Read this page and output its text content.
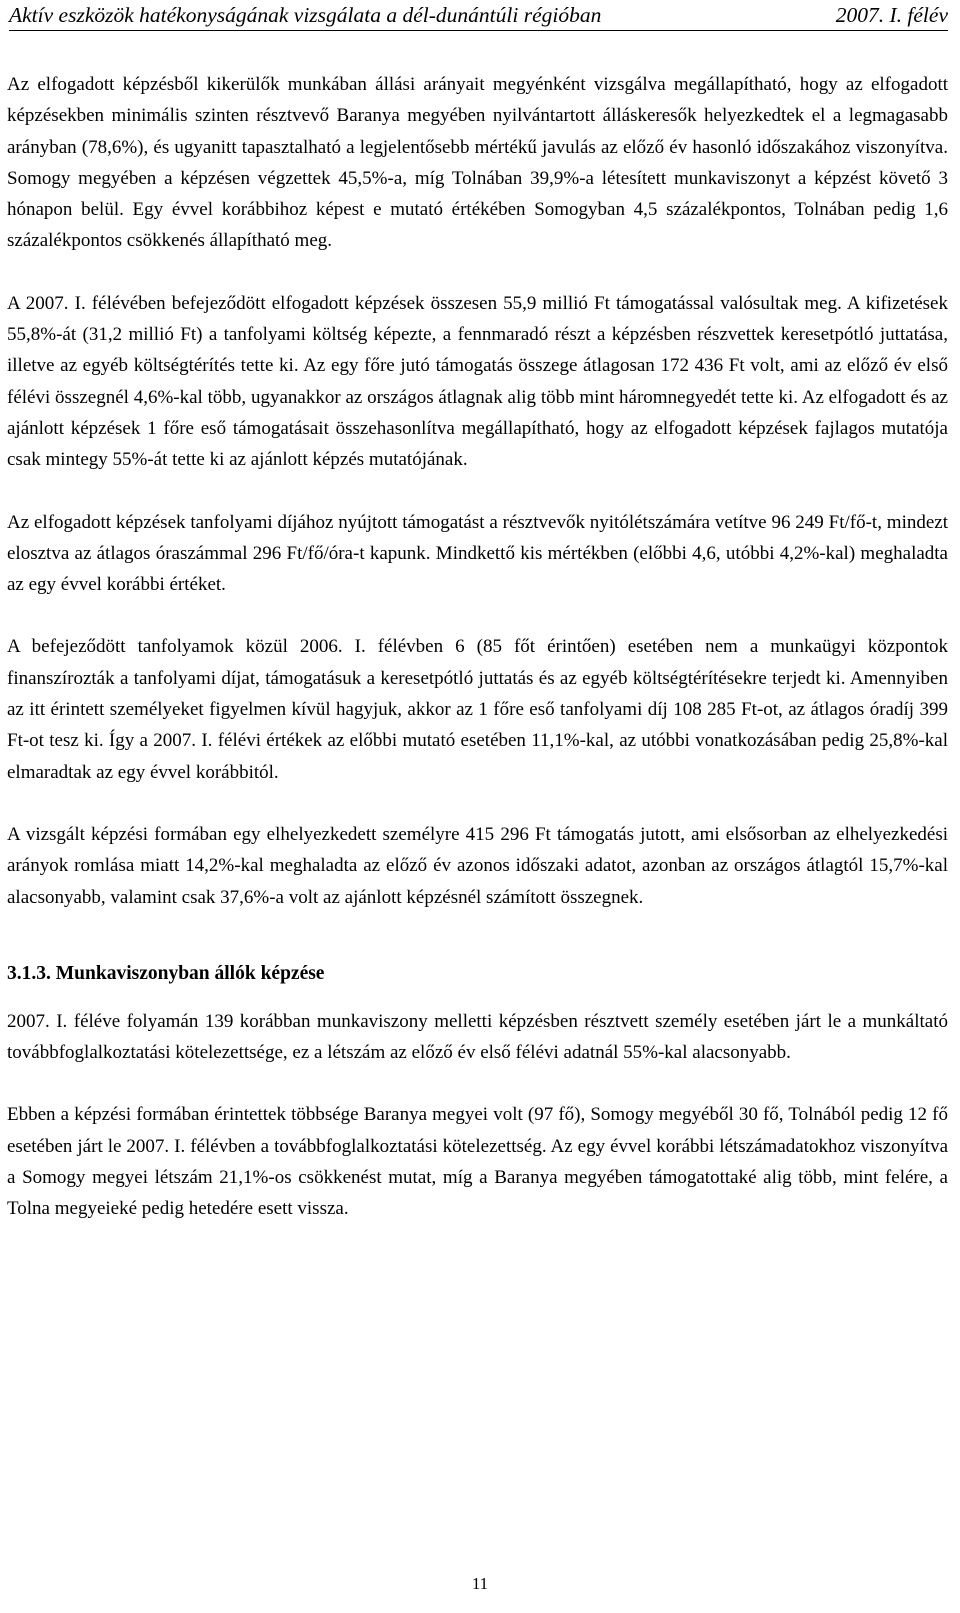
Aktív eszközök hatékonyságának vizsgálata a dél-dunántúli régióban	2007. I. félév

Az elfogadott képzésből kikerülők munkában állási arányait megyénként vizsgálva megállapítható, hogy az elfogadott képzésekben minimális szinten résztvevő Baranya megyében nyilvántartott álláskeresők helyezkedtek el a legmagasabb arányban (78,6%), és ugyanitt tapasztalható a legjelentősebb mértékű javulás az előző év hasonló időszakához viszonyítva. Somogy megyében a képzésen végzettek 45,5%-a, míg Tolnában 39,9%-a létesített munkaviszonyt a képzést követő 3 hónapon belül. Egy évvel korábbihoz képest e mutató értékében Somogyban 4,5 százalékpontos, Tolnában pedig 1,6 százalékpontos csökkenés állapítható meg.

A 2007. I. félévében befejeződött elfogadott képzések összesen 55,9 millió Ft támogatással valósultak meg. A kifizetések 55,8%-át (31,2 millió Ft) a tanfolyami költség képezte, a fennmaradó részt a képzésben részvettek keresetpótló juttatása, illetve az egyéb költségtérítés tette ki. Az egy főre jutó támogatás összege átlagosan 172 436 Ft volt, ami az előző év első félévi összegnél 4,6%-kal több, ugyanakkor az országos átlagnak alig több mint háromnegyedét tette ki. Az elfogadott és az ajánlott képzések 1 főre eső támogatásait összehasonlítva megállapítható, hogy az elfogadott képzések fajlagos mutatója csak mintegy 55%-át tette ki az ajánlott képzés mutatójának.

Az elfogadott képzések tanfolyami díjához nyújtott támogatást a résztvevők nyitólétszámára vetítve 96 249 Ft/fő-t, mindezt elosztva az átlagos óraszámmal 296 Ft/fő/óra-t kapunk. Mindkettő kis mértékben (előbbi 4,6, utóbbi 4,2%-kal) meghaladta az egy évvel korábbi értéket.

A befejeződött tanfolyamok közül 2006. I. félévben 6 (85 főt érintően) esetében nem a munkaügyi központok finanszírozták a tanfolyami díjat, támogatásuk a keresetpótló juttatás és az egyéb költségtérítésekre terjedt ki. Amennyiben az itt érintett személyeket figyelmen kívül hagyjuk, akkor az 1 főre eső tanfolyami díj 108 285 Ft-ot, az átlagos óradíj 399 Ft-ot tesz ki. Így a 2007. I. félévi értékek az előbbi mutató esetében 11,1%-kal, az utóbbi vonatkozásában pedig 25,8%-kal elmaradtak az egy évvel korábbitól.

A vizsgált képzési formában egy elhelyezkedett személyre 415 296 Ft támogatás jutott, ami elsősorban az elhelyezkedési arányok romlása miatt 14,2%-kal meghaladta az előző év azonos időszaki adatot, azonban az országos átlagtól 15,7%-kal alacsonyabb, valamint csak 37,6%-a volt az ajánlott képzésnél számított összegnek.

3.1.3. Munkaviszonyban állók képzése

2007. I. féléve folyamán 139 korábban munkaviszony melletti képzésben résztvett személy esetében járt le a munkáltató továbbfoglalkoztatási kötelezettsége, ez a létszám az előző év első félévi adatnál 55%-kal alacsonyabb.

Ebben a képzési formában érintettek többsége Baranya megyei volt (97 fő), Somogy megyéből 30 fő, Tolnából pedig 12 fő esetében járt le 2007. I. félévben a továbbfoglalkoztatási kötelezettség. Az egy évvel korábbi létszámadatokhoz viszonyítva a Somogy megyei létszám 21,1%-os csökkenést mutat, míg a Baranya megyében támogatottaké alig több, mint felére, a Tolna megyeieké pedig hetedére esett vissza.

11
